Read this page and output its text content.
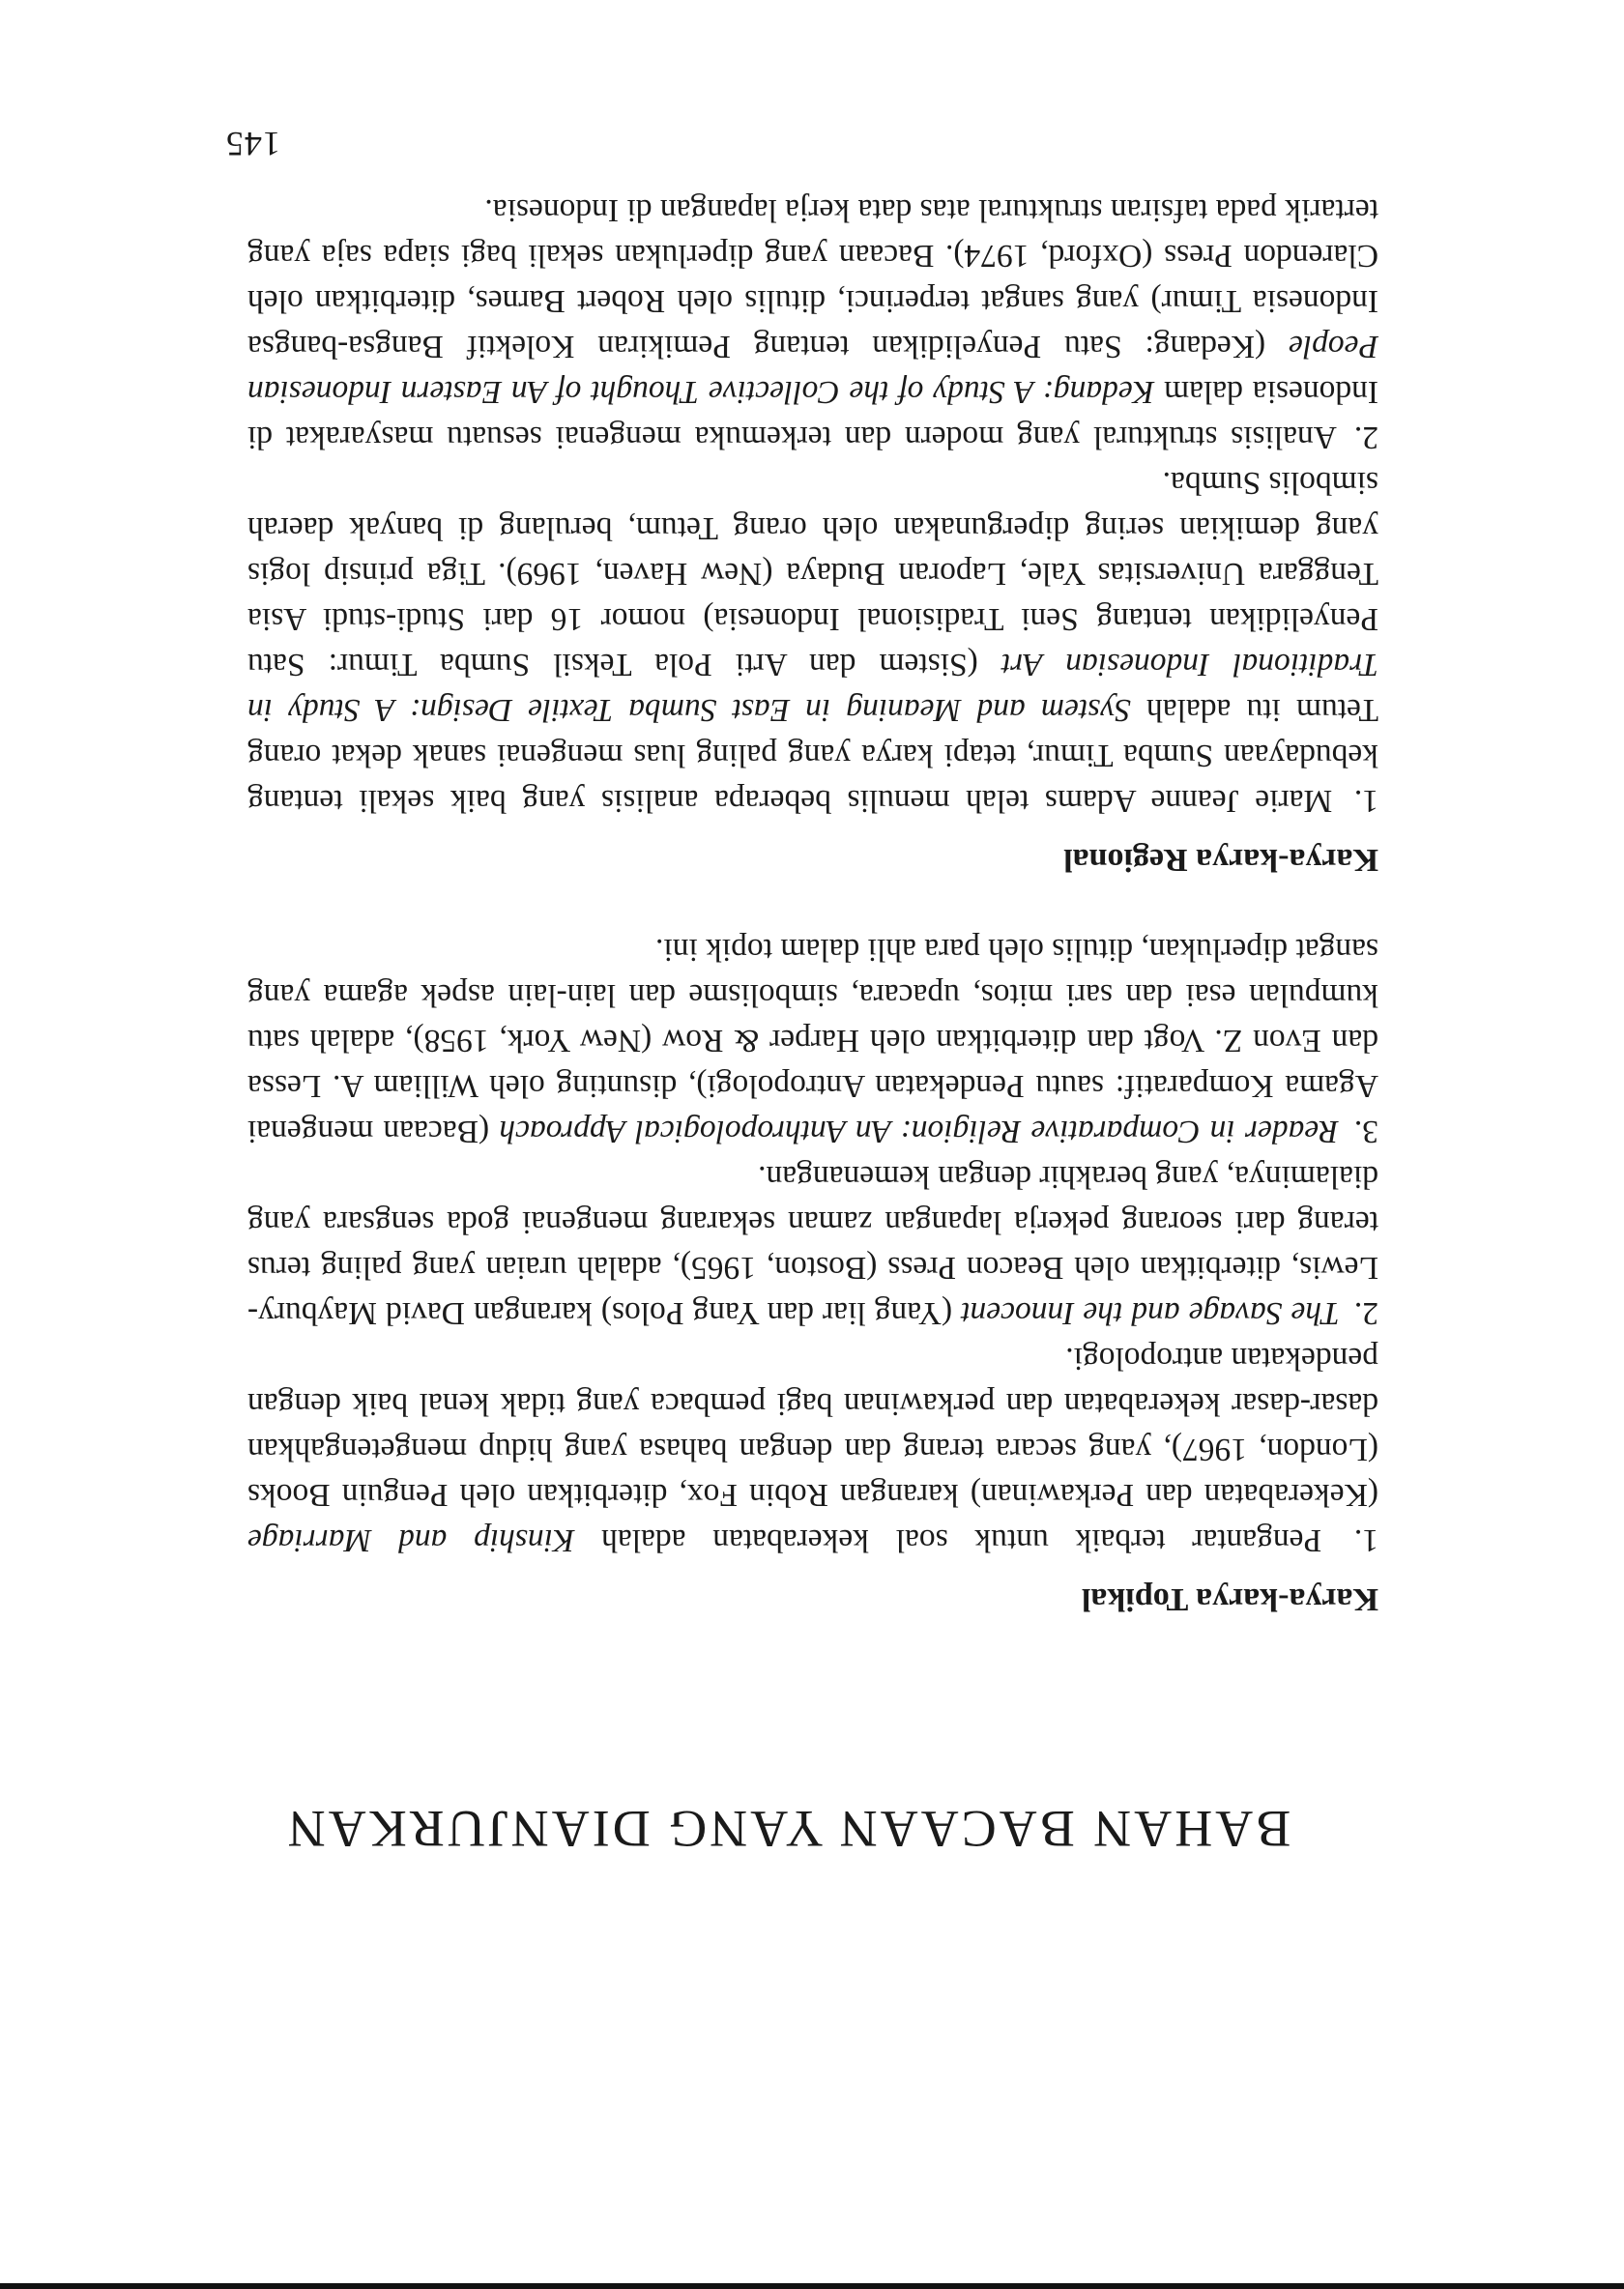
BAHAN BACAAN YANG DIANJURKAN
Karya-karya Topikal

1. Pengantar terbaik untuk soal kekerabatan adalah Kinship and Marriage (Kekerabatan dan Perkawinan) karangan Robin Fox, diterbitkan oleh Penguin Books (London, 1967), yang secara terang dan dengan bahasa yang hidup mengetengahkan dasar-dasar kekerabatan dan perkawinan bagi pembaca yang tidak kenal baik dengan pendekatan antropologi.

2. The Savage and the Innocent (Yang liar dan Yang Polos) karangan David Maybury-Lewis, diterbitkan oleh Beacon Press (Boston, 1965), adalah uraian yang paling terus terang dari seorang pekerja lapangan zaman sekarang mengenai goda sengsara yang dialaminya, yang berakhir dengan kemenangan.

3. Reader in Comparative Religion: An Anthropological Approach (Bacaan mengenai Agama Komparatif: sautu Pendekatan Antropologi), disunting oleh William A. Lessa dan Evon Z. Vogt dan diterbitkan oleh Harper & Row (New York, 1958), adalah satu kumpulan esai dan sari mitos, upacara, simbolisme dan lain-lain aspek agama yang sangat diperlukan, ditulis oleh para ahli dalam topik ini.

Karya-karya Regional

1. Marie Jeanne Adams telah menulis beberapa analisis yang baik sekali tentang kebudayaan Sumba Timur, tetapi karya yang paling luas mengenai sanak dekat orang Tetum itu adalah System and Meaning in East Sumba Textile Design: A Study in Traditional Indonesian Art (Sistem dan Arti Pola Teksil Sumba Timur: Satu Penyelidikan tentang Seni Tradisional Indonesia) nomor 16 dari Studi-studi Asia Tenggara Universitas Yale, Laporan Budaya (New Haven, 1969). Tiga prinsip logis yang demikian sering dipergunakan oleh orang Tetum, berulang di banyak daerah simbolis Sumba.

2. Analisis struktural yang modern dan terkemuka mengenai sesuatu masyarakat di Indonesia dalam Kedang: A Study of the Collective Thought of An Eastern Indonesian People (Kedang: Satu Penyelidikan tentang Pemikiran Kolektif Bangsa-bangsa Indonesia Timur) yang sangat terperinci, ditulis oleh Robert Barnes, diterbitkan oleh Clarendon Press (Oxford, 1974). Bacaan yang diperlukan sekali bagi siapa saja yang tertarik pada tafsiran struktural atas data kerja lapangan di Indonesia.

145
